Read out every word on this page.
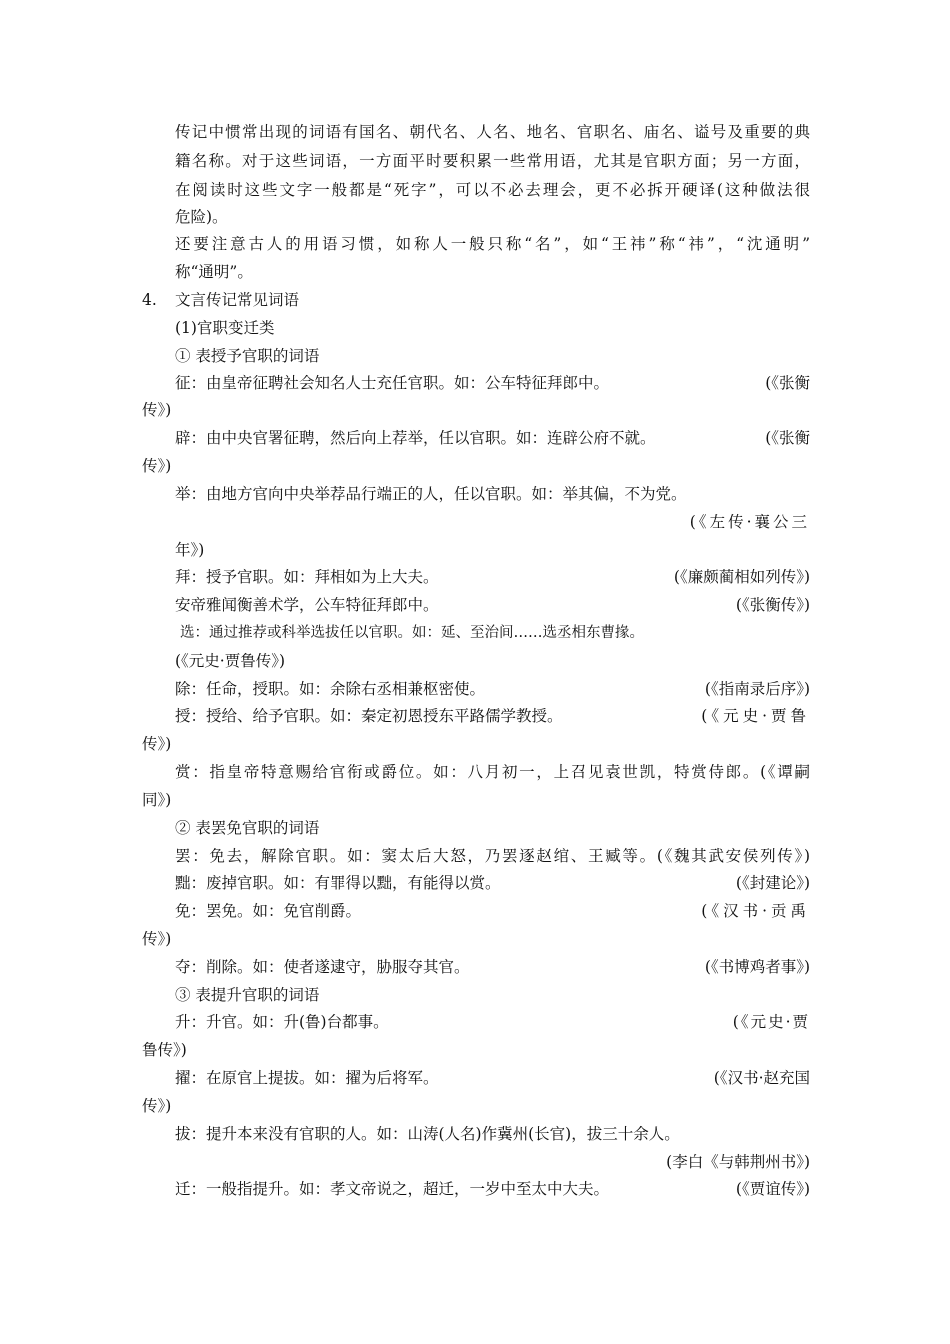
传记中惯常出现的词语有国名、朝代名、人名、地名、官职名、庙名、谥号及重要的典
籍名称。对于这些词语，一方面平时要积累一些常用语，尤其是官职方面；另一方面，
在阅读时这些文字一般都是“死字”，可以不必去理会，更不必拆开硬译(这种做法很
危险)。
还要注意古人的用语习惯，如称人一般只称“名”，如“王祎”称“祎”，“沈通明”
称“通明”。
4. 文言传记常见词语
(1)官职变迁类
① 表授予官职的词语
征：由皇帝征聘社会知名人士充任官职。如：公车特征拜郎中。	(《张衡
传》)
辟：由中央官署征聘，然后向上荐举，任以官职。如：连辟公府不就。	(《张衡
传》)
举：由地方官向中央举荐品行端正的人，任以官职。如：举其偏，不为党。
(《左传·襄公三
年》)
拜：授予官职。如：拜相如为上大夫。	(《廉颇蔺相如列传》)
安帝雅闻衡善术学，公车特征拜郎中。	(《张衡传》)
选：通过推荐或科举选拔任以官职。如：延、至治间……选丞相东曹掾。
(《元史·贾鲁传》)
除：任命，授职。如：余除右丞相兼枢密使。	(《指南录后序》)
授：授给、给予官职。如：秦定初恩授东平路儒学教授。	(《元史·贾鲁
传》)
赏：指皇帝特意赐给官衔或爵位。如：八月初一，上召见袁世凯，特赏侍郎。(《谭嗣
同》)
② 表罢免官职的词语
罢：免去，解除官职。如：窦太后大怒，乃罢逐赵绾、王臧等。(《魏其武安侯列传》)
黜：废掉官职。如：有罪得以黜，有能得以赏。	(《封建论》)
免：罢免。如：免官削爵。	(《汉书·贡禹
传》)
夺：削除。如：使者遂逮守，胁服夺其官。	(《书博鸡者事》)
③ 表提升官职的词语
升：升官。如：升(鲁)台都事。	(《元史·贾
鲁传》)
擢：在原官上提拔。如：擢为后将军。	(《汉书·赵充国
传》)
拔：提升本来没有官职的人。如：山涛(人名)作冀州(长官)，拔三十余人。
(李白《与韩荆州书》)
迁：一般指提升。如：孝文帝说之，超迁，一岁中至太中大夫。	(《贾谊传》)
